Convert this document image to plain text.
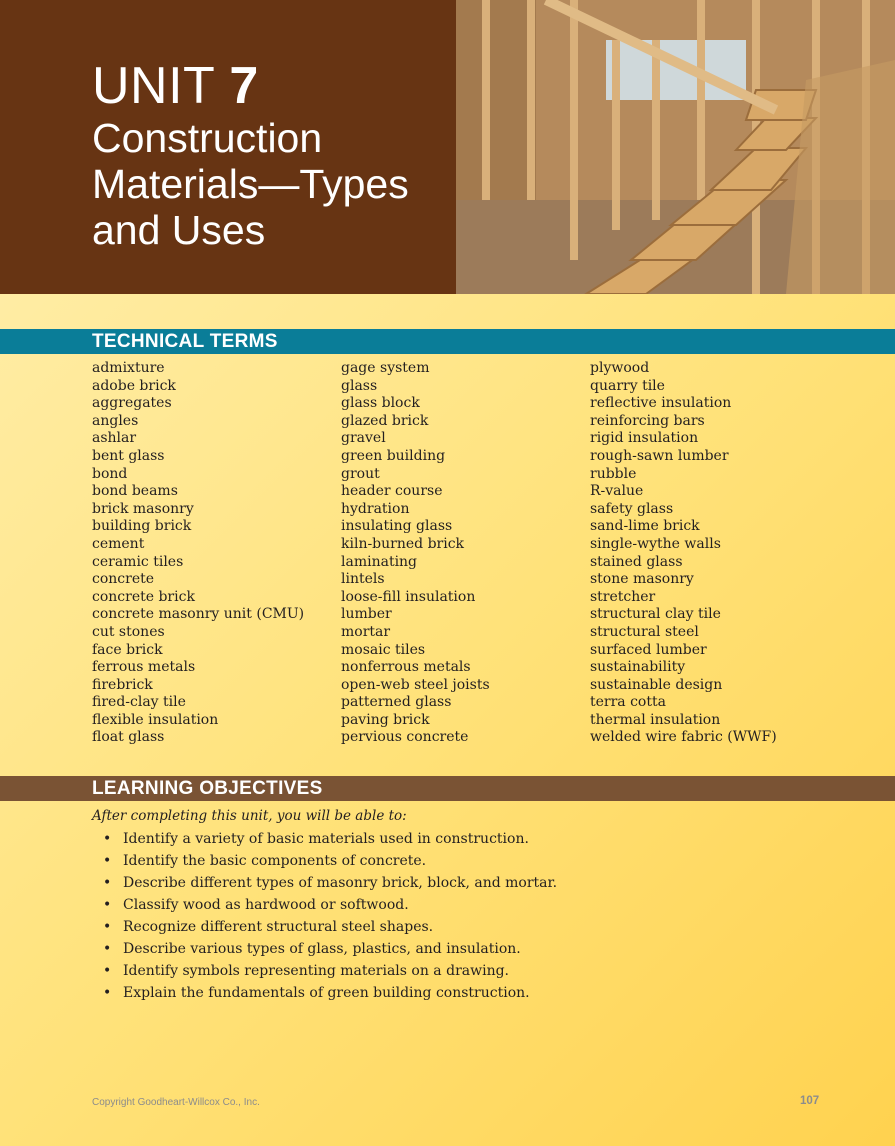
UNIT 7
Construction
Materials—Types
and Uses
TECHNICAL TERMS
admixture
adobe brick
aggregates
angles
ashlar
bent glass
bond
bond beams
brick masonry
building brick
cement
ceramic tiles
concrete
concrete brick
concrete masonry unit (CMU)
cut stones
face brick
ferrous metals
firebrick
fired-clay tile
flexible insulation
float glass
gage system
glass
glass block
glazed brick
gravel
green building
grout
header course
hydration
insulating glass
kiln-burned brick
laminating
lintels
loose-fill insulation
lumber
mortar
mosaic tiles
nonferrous metals
open-web steel joists
patterned glass
paving brick
pervious concrete
plywood
quarry tile
reflective insulation
reinforcing bars
rigid insulation
rough-sawn lumber
rubble
R-value
safety glass
sand-lime brick
single-wythe walls
stained glass
stone masonry
stretcher
structural clay tile
structural steel
surfaced lumber
sustainability
sustainable design
terra cotta
thermal insulation
welded wire fabric (WWF)
LEARNING OBJECTIVES
After completing this unit, you will be able to:
• Identify a variety of basic materials used in construction.
• Identify the basic components of concrete.
• Describe different types of masonry brick, block, and mortar.
• Classify wood as hardwood or softwood.
• Recognize different structural steel shapes.
• Describe various types of glass, plastics, and insulation.
• Identify symbols representing materials on a drawing.
• Explain the fundamentals of green building construction.
Copyright Goodheart-Willcox Co., Inc.	107
